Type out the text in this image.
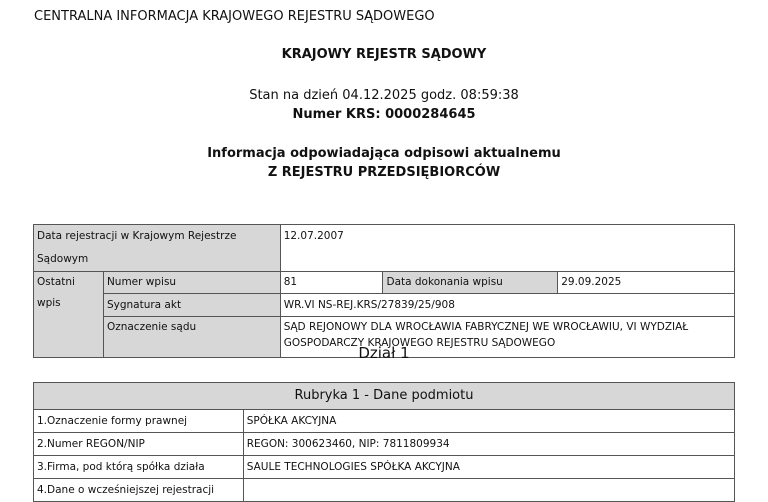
CENTRALNA INFORMACJA KRAJOWEGO REJESTRU SĄDOWEGO
KRAJOWY REJESTR SĄDOWY
Stan na dzień 04.12.2025 godz. 08:59:38
Numer KRS: 0000284645
Informacja odpowiadająca odpisowi aktualnemu
Z REJESTRU PRZEDSIĘBIORCÓW
Data rejestracji w Krajowym Rejestrze Sądowym		12.07.2007		
Ostatni wpis	Numer wpisu	81	Data dokonania wpisu	29.09.2025
	Sygnatura akt	WR.VI NS-REJ.KRS/27839/25/908		
	Oznaczenie sądu	SĄD REJONOWY DLA WROCŁAWIA FABRYCZNEJ WE WROCŁAWIU, VI WYDZIAŁ GOSPODARCZY KRAJOWEGO REJESTRU SĄDOWEGO		
Dział 1
Rubryka 1 - Dane podmiotu	
1.Oznaczenie formy prawnej	SPÓŁKA AKCYJNA
2.Numer REGON/NIP	REGON: 300623460, NIP: 7811809934
3.Firma, pod którą spółka działa	SAULE TECHNOLOGIES SPÓŁKA AKCYJNA
4.Dane o wcześniejszej rejestracji	
